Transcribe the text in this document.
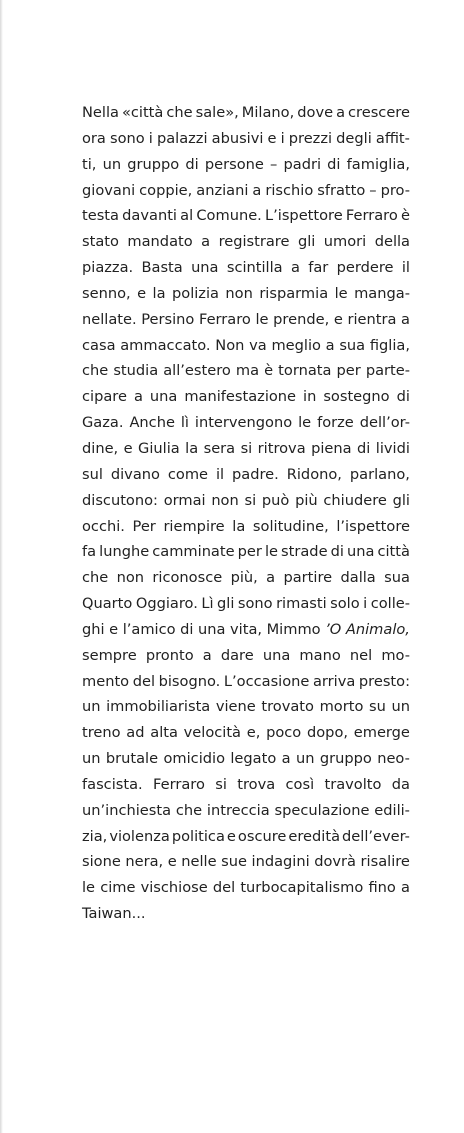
Nella «città che sale», Milano, dove a crescere
ora sono i palazzi abusivi e i prezzi degli affit-
ti, un gruppo di persone – padri di famiglia,
giovani coppie, anziani a rischio sfratto – pro-
testa davanti al Comune. L’ispettore Ferraro è
stato mandato a registrare gli umori della
piazza. Basta una scintilla a far perdere il
senno, e la polizia non risparmia le manga-
nellate. Persino Ferraro le prende, e rientra a
casa ammaccato. Non va meglio a sua figlia,
che studia all’estero ma è tornata per parte-
cipare a una manifestazione in sostegno di
Gaza. Anche lì intervengono le forze dell’or-
dine, e Giulia la sera si ritrova piena di lividi
sul divano come il padre. Ridono, parlano,
discutono: ormai non si può più chiudere gli
occhi. Per riempire la solitudine, l’ispettore
fa lunghe camminate per le strade di una città
che non riconosce più, a partire dalla sua
Quarto Oggiaro. Lì gli sono rimasti solo i colle-
ghi e l’amico di una vita, Mimmo ’O Animalo,
sempre pronto a dare una mano nel mo-
mento del bisogno. L’occasione arriva presto:
un immobiliarista viene trovato morto su un
treno ad alta velocità e, poco dopo, emerge
un brutale omicidio legato a un gruppo neo-
fascista. Ferraro si trova così travolto da
un’inchiesta che intreccia speculazione edili-
zia, violenza politica e oscure eredità dell’ever-
sione nera, e nelle sue indagini dovrà risalire
le cime vischiose del turbocapitalismo fino a
Taiwan...
